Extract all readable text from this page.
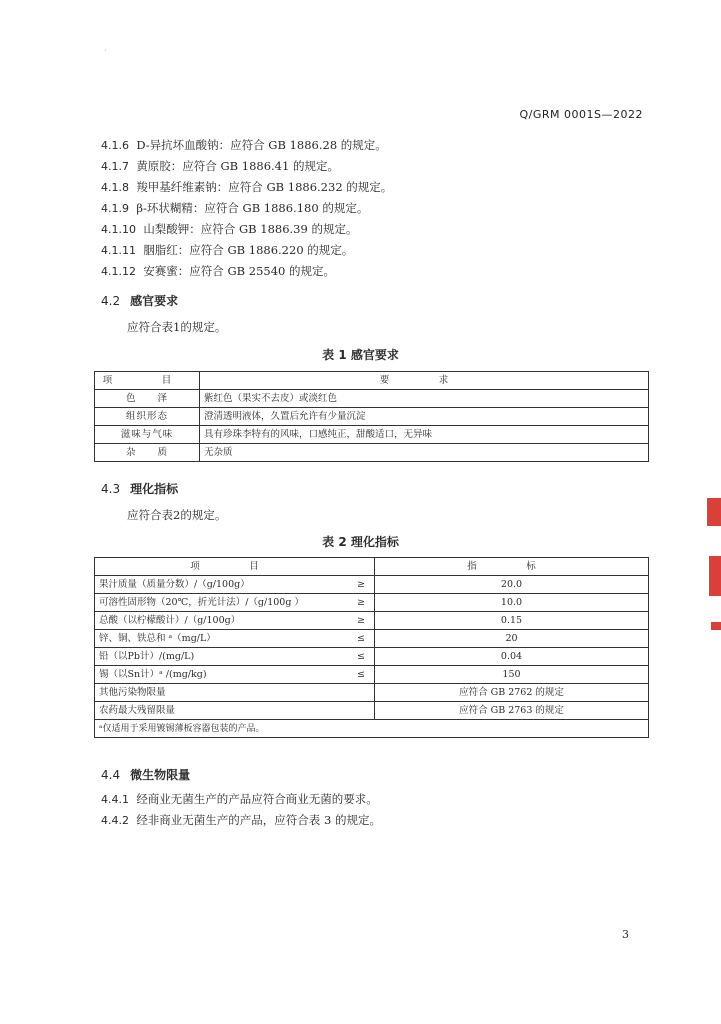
·
Q/GRM 0001S—2022
4.1.6 D-异抗坏血酸钠：应符合 GB 1886.28 的规定。
4.1.7 黄原胶：应符合 GB 1886.41 的规定。
4.1.8 羧甲基纤维素钠：应符合 GB 1886.232 的规定。
4.1.9 β-环状糊精：应符合 GB 1886.180 的规定。
4.1.10 山梨酸钾：应符合 GB 1886.39 的规定。
4.1.11 胭脂红：应符合 GB 1886.220 的规定。
4.1.12 安赛蜜：应符合 GB 25540 的规定。
4.2 感官要求
应符合表1的规定。
表 1 感官要求
项　目	要　求
色　　泽	紫红色（果实不去皮）或淡红色
组织形态	澄清透明液体，久置后允许有少量沉淀
滋味与气味	具有珍珠李特有的风味，口感纯正，甜酸适口，无异味
杂　　质	无杂质
4.3 理化指标
应符合表2的规定。
表 2 理化指标
项　目		指　标
果汁质量（质量分数）/（g/100g）	≥	20.0
可溶性固形物（20℃，折光计法）/（g/100g ）	≥	10.0
总酸（以柠檬酸计）/（g/100g）	≥	0.15
锌、铜、铁总和 ᵃ（mg/L）	≤	20
铅（以Pb计）/(mg/L)	≤	0.04
锡（以Sn计）ᵃ /(mg/kg)	≤	150
其他污染物限量		应符合 GB 2762 的规定
农药最大残留限量		应符合 GB 2763 的规定
ᵃ仅适用于采用镀锡薄板容器包装的产品。		
4.4 微生物限量
4.4.1 经商业无菌生产的产品应符合商业无菌的要求。
4.4.2 经非商业无菌生产的产品，应符合表 3 的规定。
3
